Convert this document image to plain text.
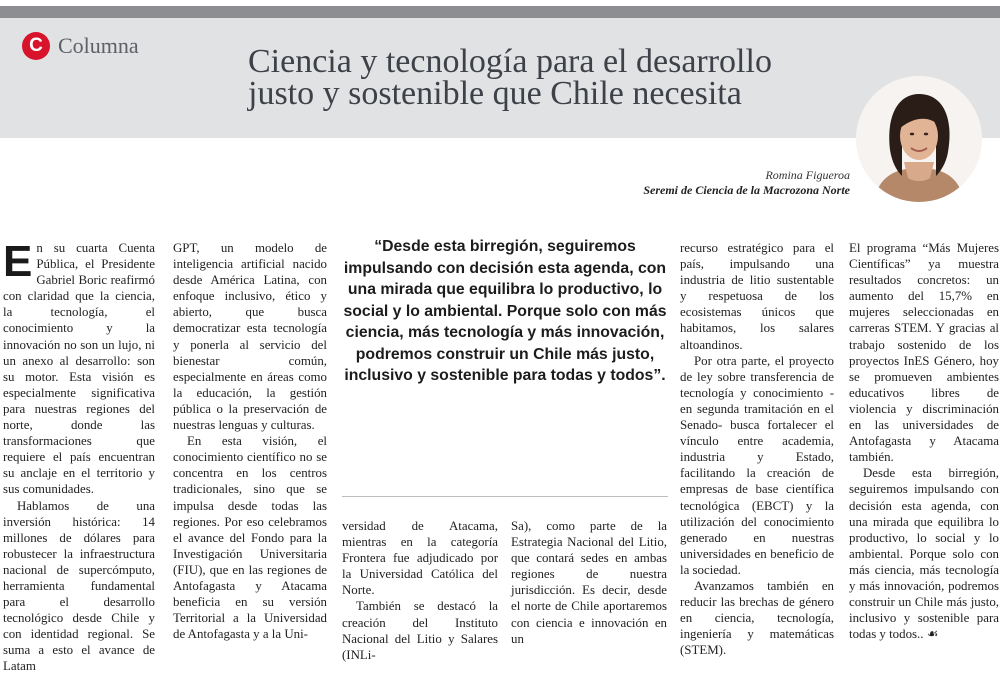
C Columna	Ciencia y tecnología para el desarrollo
justo y sostenible que Chile necesita
Romina Figueroa
Seremi de Ciencia de la Macrozona Norte

En su cuarta Cuenta Pública, el Presidente Gabriel Boric reafirmó con claridad que la ciencia, la tecnología, el conocimiento y la innovación no son un lujo, ni un anexo al desarrollo: son su motor. Esta visión es especialmente significativa para nuestras regiones del norte, donde las transformaciones que requiere el país encuentran su anclaje en el territorio y sus comunidades.

Hablamos de una inversión histórica: 14 millones de dólares para robustecer la infraestructura nacional de supercómputo, herramienta fundamental para el desarrollo tecnológico desde Chile y con identidad regional. Se suma a esto el avance de Latam

GPT, un modelo de inteligencia artificial nacido desde América Latina, con enfoque inclusivo, ético y abierto, que busca democratizar esta tecnología y ponerla al servicio del bienestar común, especialmente en áreas como la educación, la gestión pública o la preservación de nuestras lenguas y culturas.

En esta visión, el conocimiento científico no se concentra en los centros tradicionales, sino que se impulsa desde todas las regiones. Por eso celebramos el avance del Fondo para la Investigación Universitaria (FIU), que en las regiones de Antofagasta y Atacama beneficia en su versión Territorial a la Universidad de Antofagasta y a la Uni-

“Desde esta birregión, seguiremos impulsando con decisión esta agenda, con una mirada que equilibra lo productivo, lo social y lo ambiental. Porque solo con más ciencia, más tecnología y más innovación, podremos construir un Chile más justo, inclusivo y sostenible para todas y todos”.

versidad de Atacama, mientras en la categoría Frontera fue adjudicado por la Universidad Católica del Norte.

También se destacó la creación del Instituto Nacional del Litio y Salares (INLi-

Sa), como parte de la Estrategia Nacional del Litio, que contará sedes en ambas regiones de nuestra jurisdicción. Es decir, desde el norte de Chile aportaremos con ciencia e innovación en un

recurso estratégico para el país, impulsando una industria de litio sustentable y respetuosa de los ecosistemas únicos que habitamos, los salares altoandinos.

Por otra parte, el proyecto de ley sobre transferencia de tecnología y conocimiento -en segunda tramitación en el Senado- busca fortalecer el vínculo entre academia, industria y Estado, facilitando la creación de empresas de base científica tecnológica (EBCT) y la utilización del conocimiento generado en nuestras universidades en beneficio de la sociedad.

Avanzamos también en reducir las brechas de género en ciencia, tecnología, ingeniería y matemáticas (STEM).

El programa “Más Mujeres Científicas” ya muestra resultados concretos: un aumento del 15,7% en mujeres seleccionadas en carreras STEM. Y gracias al trabajo sostenido de los proyectos InES Género, hoy se promueven ambientes educativos libres de violencia y discriminación en las universidades de Antofagasta y Atacama también.

Desde esta birregión, seguiremos impulsando con decisión esta agenda, con una mirada que equilibra lo productivo, lo social y lo ambiental. Porque solo con más ciencia, más tecnología y más innovación, podremos construir un Chile más justo, inclusivo y sostenible para todas y todos.. ☙
